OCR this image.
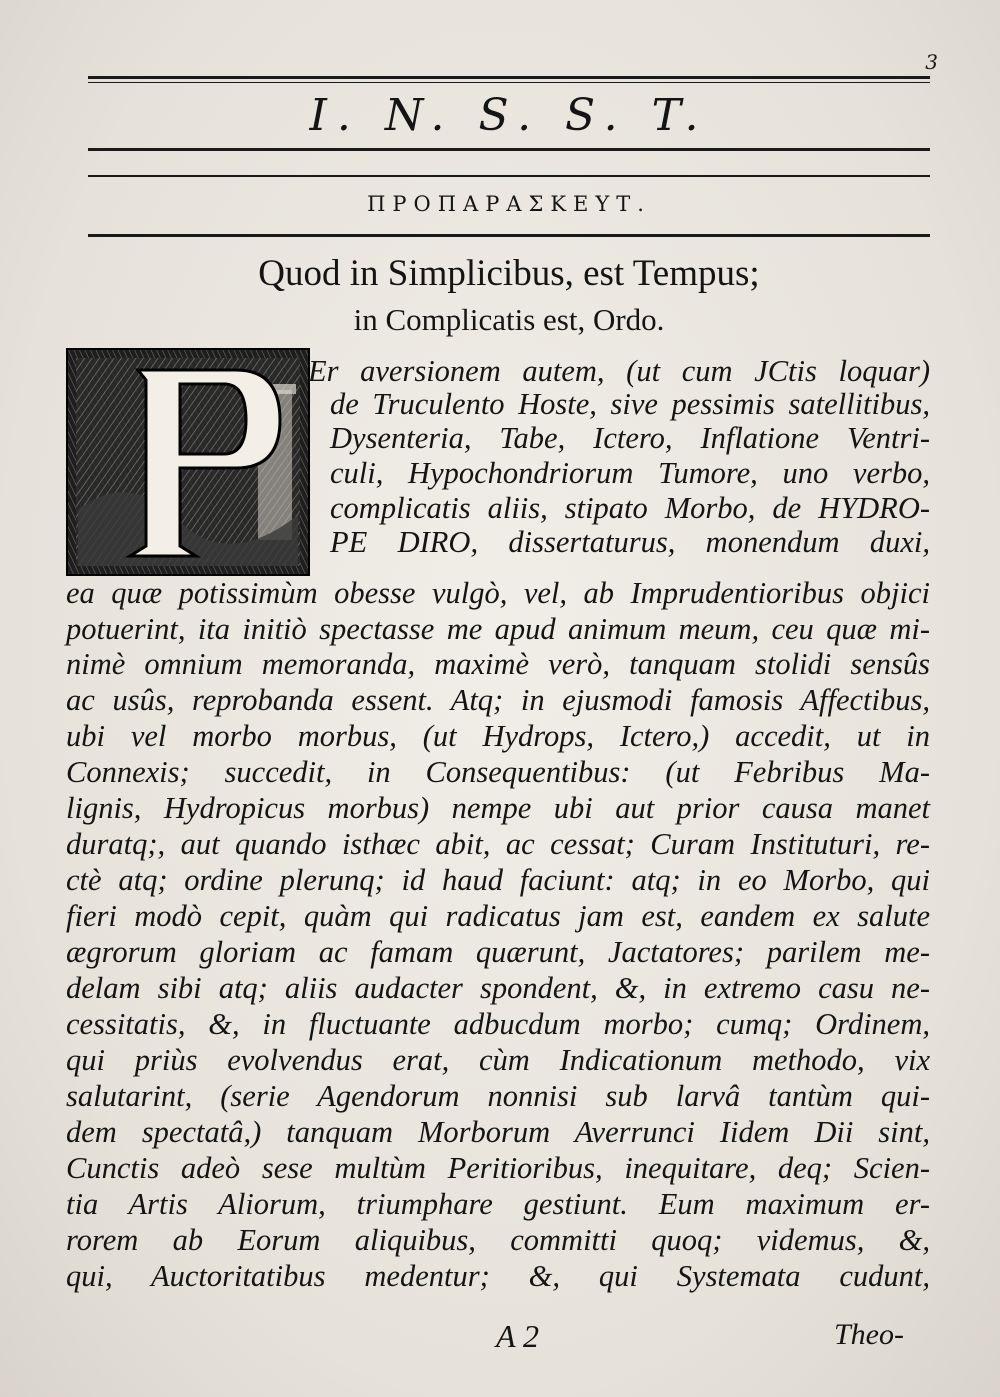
3
I. N. S. S. T.
ΠΡΟΠΑΡΑΣΚΕΥΤ.
Quod in Simplicibus, est Tempus;
in Complicatis est, Ordo.
Er aversionem autem, (ut cum JCtis loquar)
de Truculento Hoste, sive pessimis satellitibus,
Dysenteria, Tabe, Ictero, Inflatione Ventri-
culi, Hypochondriorum Tumore, uno verbo,
complicatis aliis, stipato Morbo, de HYDRO-
PE DIRO, dissertaturus, monendum duxi,
ea quæ potissimùm obesse vulgò, vel, ab Imprudentioribus objici
potuerint, ita initiò spectasse me apud animum meum, ceu quæ mi-
nimè omnium memoranda, maximè verò, tanquam stolidi sensûs
ac usûs, reprobanda essent. Atq; in ejusmodi famosis Affectibus,
ubi vel morbo morbus, (ut Hydrops, Ictero,) accedit, ut in
Connexis; succedit, in Consequentibus: (ut Febribus Ma-
lignis, Hydropicus morbus) nempe ubi aut prior causa manet
duratq;, aut quando isthæc abit, ac cessat; Curam Instituturi, re-
ctè atq; ordine plerunq; id haud faciunt: atq; in eo Morbo, qui
fieri modò cepit, quàm qui radicatus jam est, eandem ex salute
ægrorum gloriam ac famam quærunt, Jactatores; parilem me-
delam sibi atq; aliis audacter spondent, &, in extremo casu ne-
cessitatis, &, in fluctuante adbucdum morbo; cumq; Ordinem,
qui priùs evolvendus erat, cùm Indicationum methodo, vix
salutarint, (serie Agendorum nonnisi sub larvâ tantùm qui-
dem spectatâ,) tanquam Morborum Averrunci Iidem Dii sint,
Cunctis adeò sese multùm Peritioribus, inequitare, deq; Scien-
tia Artis Aliorum, triumphare gestiunt. Eum maximum er-
rorem ab Eorum aliquibus, committi quoq; videmus, &,
qui, Auctoritatibus medentur; &, qui Systemata cudunt,
A 2	Theo-
